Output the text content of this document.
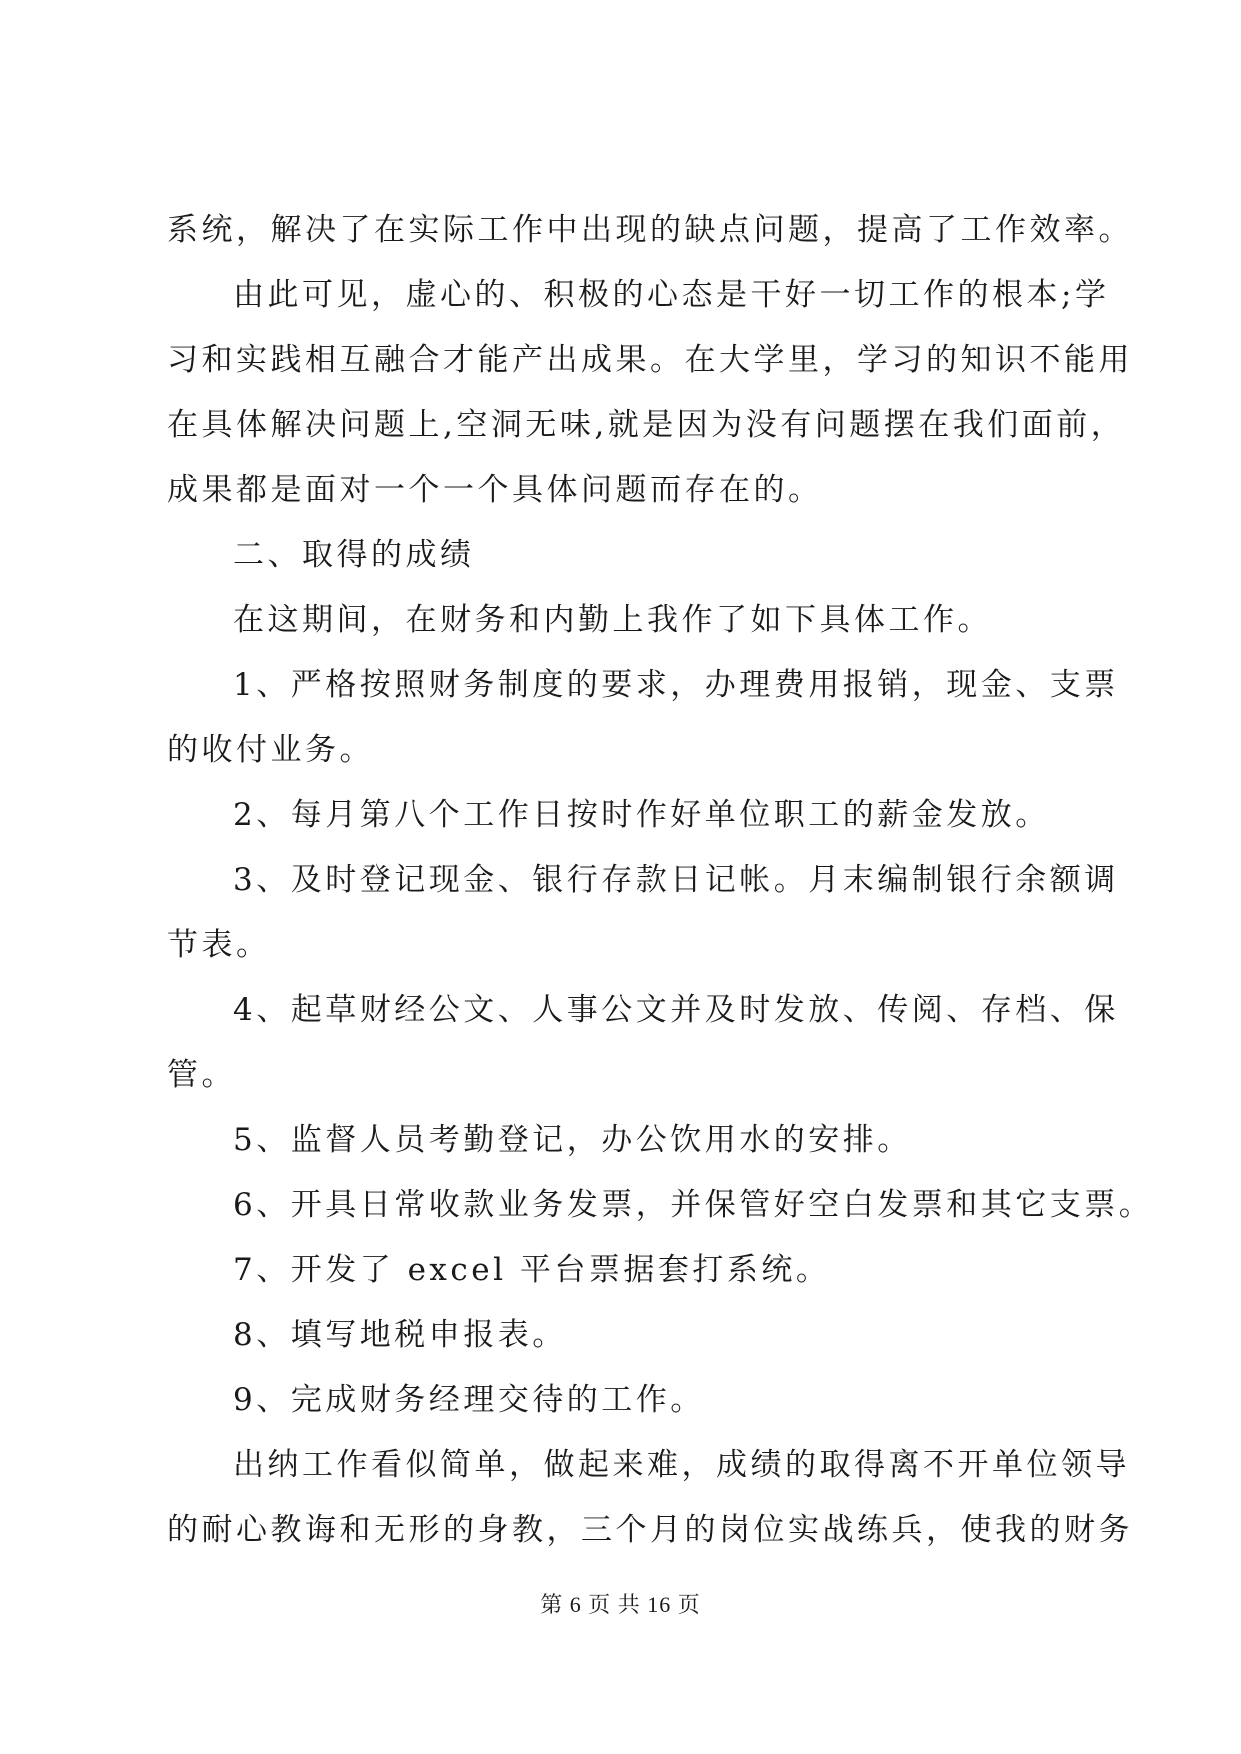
系统，解决了在实际工作中出现的缺点问题，提高了工作效率。
由此可见，虚心的、积极的心态是干好一切工作的根本;学
习和实践相互融合才能产出成果。在大学里，学习的知识不能用
在具体解决问题上,空洞无味,就是因为没有问题摆在我们面前，
成果都是面对一个一个具体问题而存在的。
二、取得的成绩
在这期间，在财务和内勤上我作了如下具体工作。
1、严格按照财务制度的要求，办理费用报销，现金、支票
的收付业务。
2、每月第八个工作日按时作好单位职工的薪金发放。
3、及时登记现金、银行存款日记帐。月末编制银行余额调
节表。
4、起草财经公文、人事公文并及时发放、传阅、存档、保
管。
5、监督人员考勤登记，办公饮用水的安排。
6、开具日常收款业务发票，并保管好空白发票和其它支票。
7、开发了 excel 平台票据套打系统。
8、填写地税申报表。
9、完成财务经理交待的工作。
出纳工作看似简单，做起来难，成绩的取得离不开单位领导
的耐心教诲和无形的身教，三个月的岗位实战练兵，使我的财务
第 6 页 共 16 页
